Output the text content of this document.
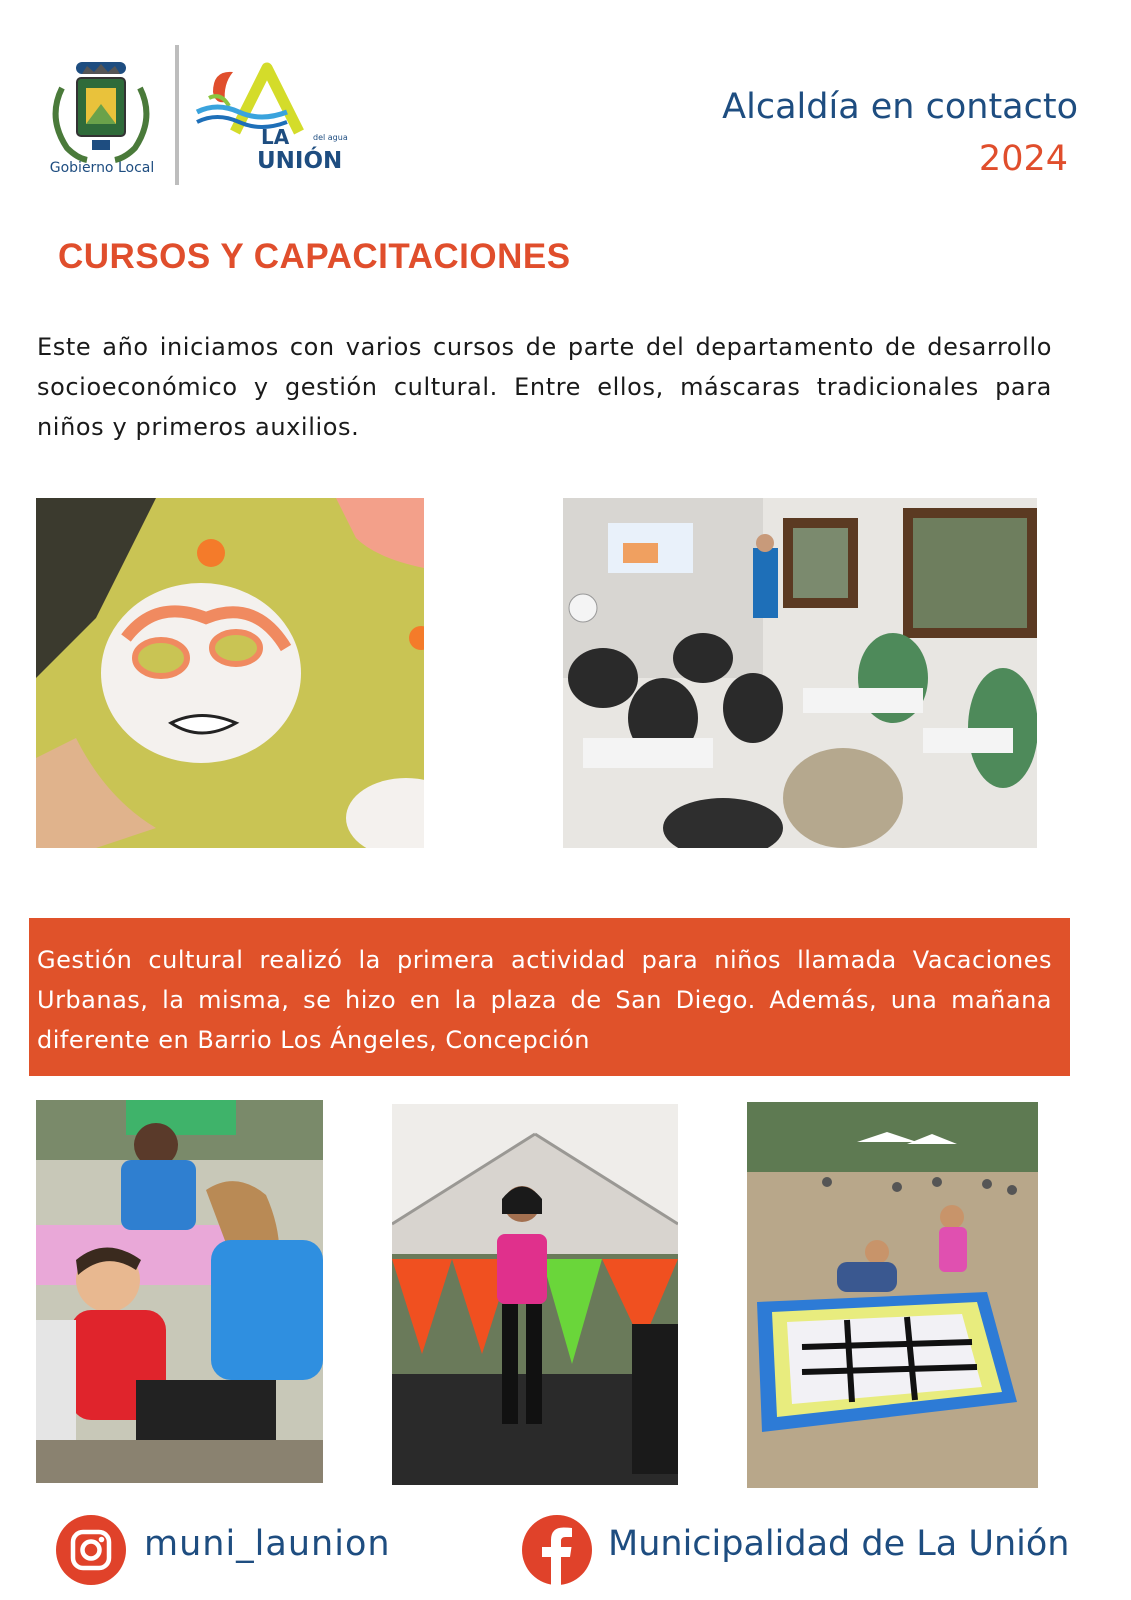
Gobierno Local
LA
UNIÓN
del agua
Alcaldía en contacto
2024
CURSOS Y CAPACITACIONES
Este año iniciamos con varios cursos de parte del departamento de desarrollo socioeconómico y gestión cultural. Entre ellos, máscaras tradicionales para niños y primeros auxilios.
Gestión cultural realizó la primera actividad para niños llamada Vacaciones Urbanas, la misma, se hizo en la plaza de San Diego. Además, una mañana diferente en Barrio Los Ángeles, Concepción
muni_launion	Municipalidad de La Unión
